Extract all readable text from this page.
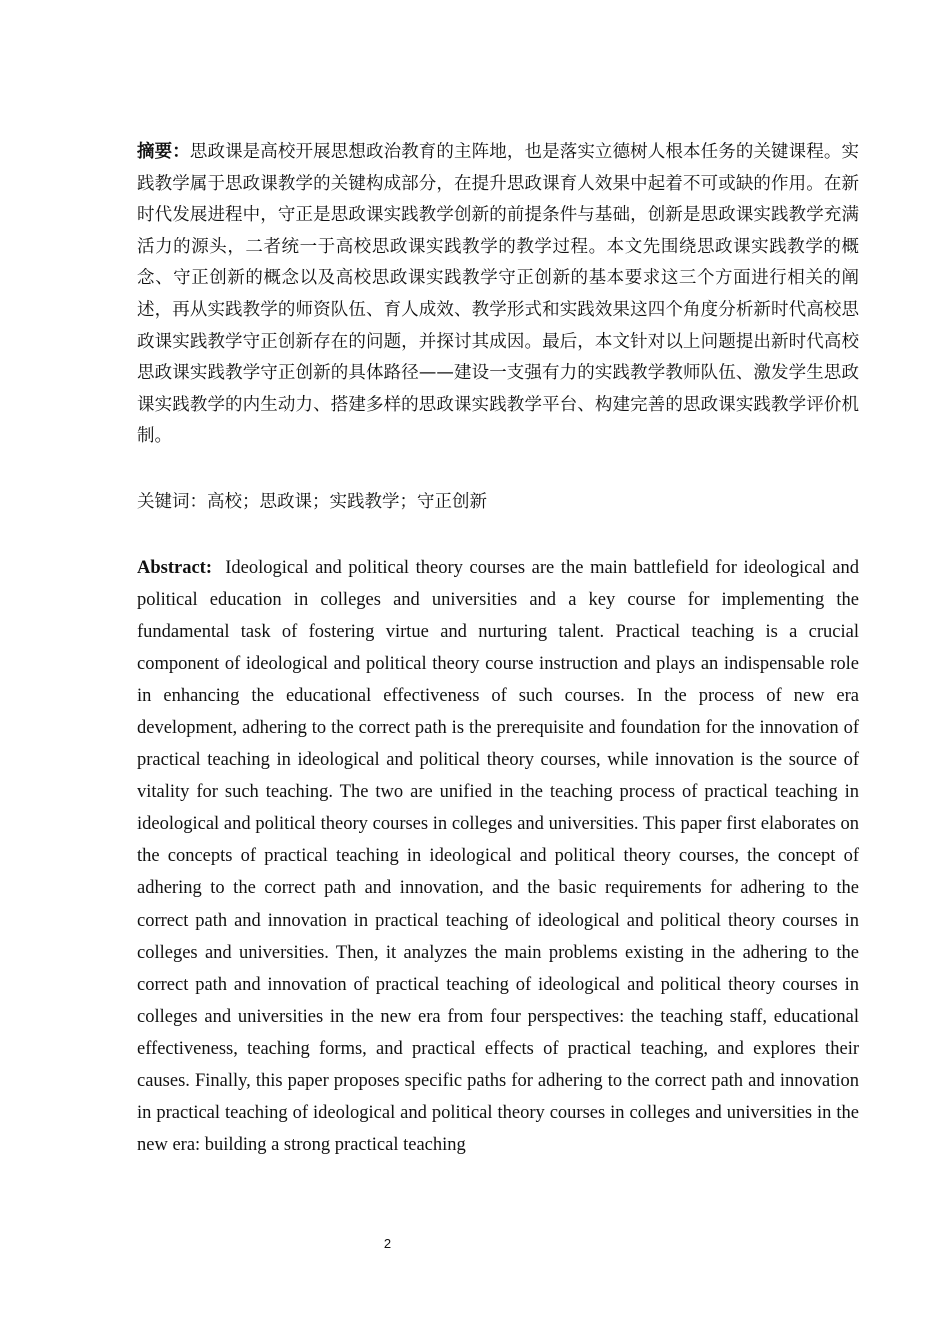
摘要：思政课是高校开展思想政治教育的主阵地，也是落实立德树人根本任务的关键课程。实践教学属于思政课教学的关键构成部分，在提升思政课育人效果中起着不可或缺的作用。在新时代发展进程中，守正是思政课实践教学创新的前提条件与基础，创新是思政课实践教学充满活力的源头，二者统一于高校思政课实践教学的教学过程。本文先围绕思政课实践教学的概念、守正创新的概念以及高校思政课实践教学守正创新的基本要求这三个方面进行相关的阐述，再从实践教学的师资队伍、育人成效、教学形式和实践效果这四个角度分析新时代高校思政课实践教学守正创新存在的问题，并探讨其成因。最后，本文针对以上问题提出新时代高校思政课实践教学守正创新的具体路径——建设一支强有力的实践教学教师队伍、激发学生思政课实践教学的内生动力、搭建多样的思政课实践教学平台、构建完善的思政课实践教学评价机制。

关键词：高校；思政课；实践教学；守正创新

Abstract: Ideological and political theory courses are the main battlefield for ideological and political education in colleges and universities and a key course for implementing the fundamental task of fostering virtue and nurturing talent. Practical teaching is a crucial component of ideological and political theory course instruction and plays an indispensable role in enhancing the educational effectiveness of such courses. In the process of new era development, adhering to the correct path is the prerequisite and foundation for the innovation of practical teaching in ideological and political theory courses, while innovation is the source of vitality for such teaching. The two are unified in the teaching process of practical teaching in ideological and political theory courses in colleges and universities. This paper first elaborates on the concepts of practical teaching in ideological and political theory courses, the concept of adhering to the correct path and innovation, and the basic requirements for adhering to the correct path and innovation in practical teaching of ideological and political theory courses in colleges and universities. Then, it analyzes the main problems existing in the adhering to the correct path and innovation of practical teaching of ideological and political theory courses in colleges and universities in the new era from four perspectives: the teaching staff, educational effectiveness, teaching forms, and practical effects of practical teaching, and explores their causes. Finally, this paper proposes specific paths for adhering to the correct path and innovation in practical teaching of ideological and political theory courses in colleges and universities in the new era: building a strong practical teaching

2
